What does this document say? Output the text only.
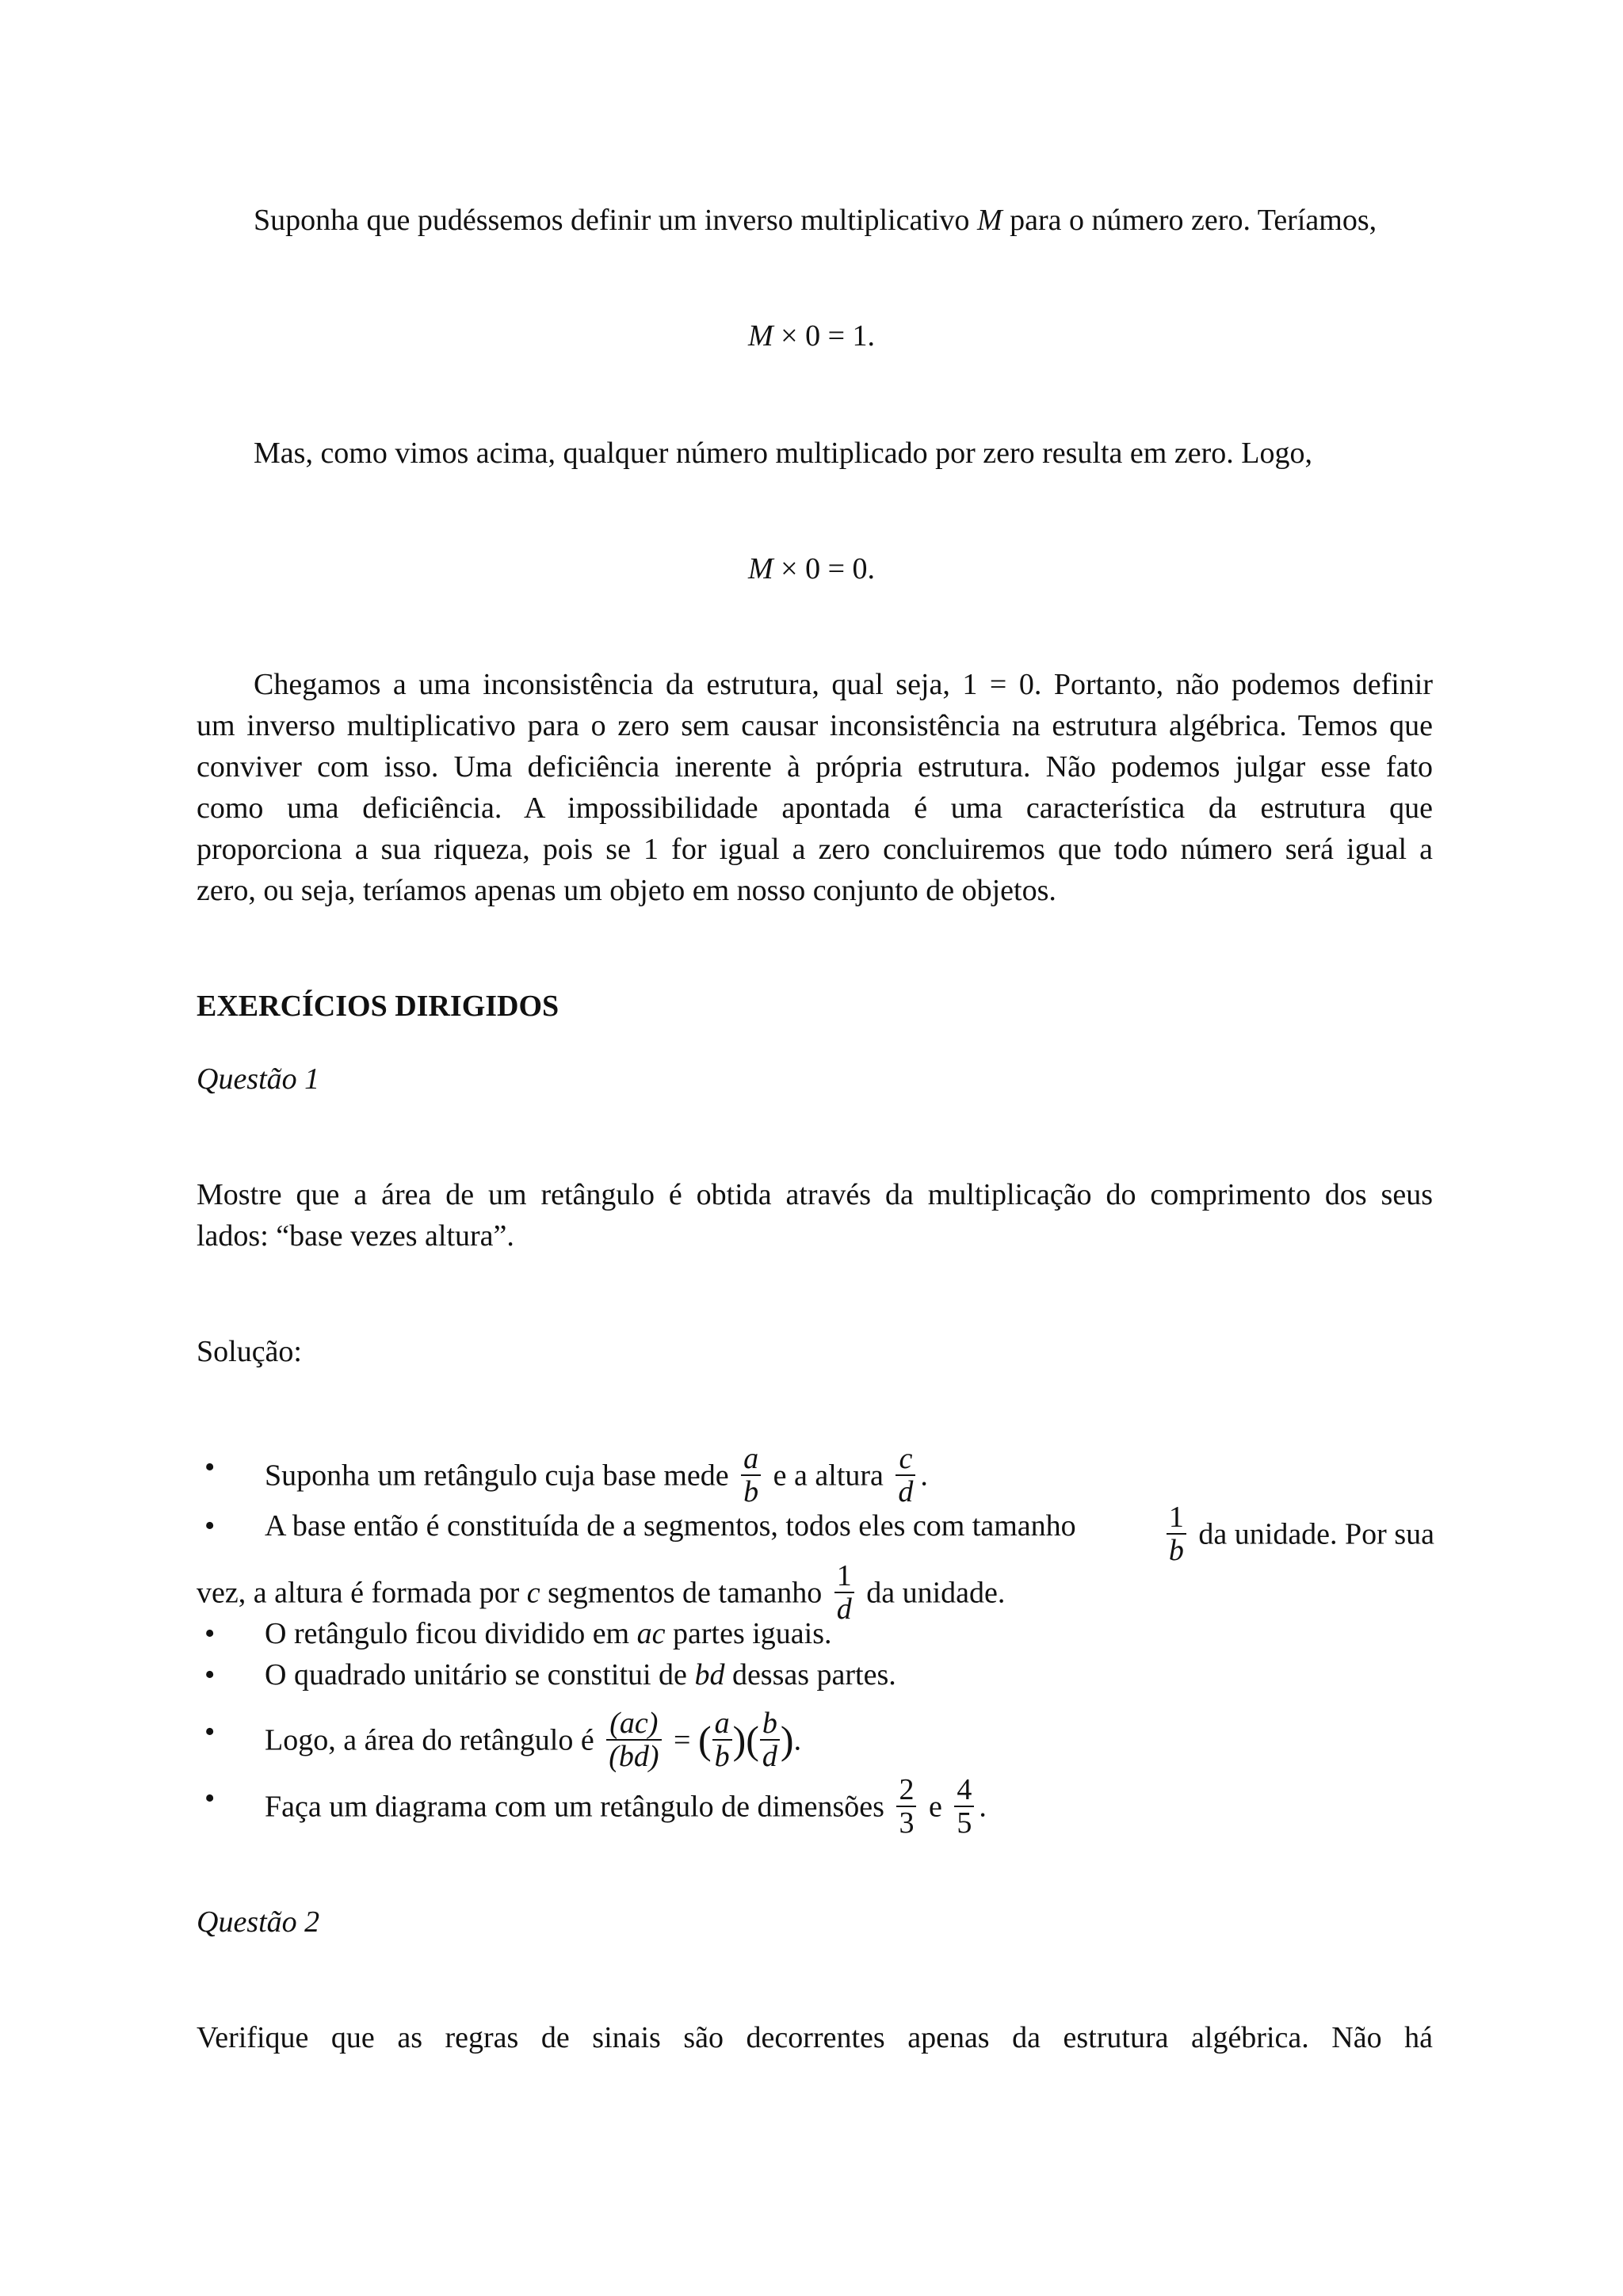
Suponha que pudéssemos definir um inverso multiplicativo M para o número zero. Teríamos,
M × 0 = 1.
Mas, como vimos acima, qualquer número multiplicado por zero resulta em zero. Logo,
M × 0 = 0.
Chegamos a uma inconsistência da estrutura, qual seja, 1 = 0. Portanto, não podemos definir
um inverso multiplicativo para o zero sem causar inconsistência na estrutura algébrica. Temos que
conviver com isso. Uma deficiência inerente à própria estrutura. Não podemos julgar esse fato
como uma deficiência. A impossibilidade apontada é uma característica da estrutura que
proporciona a sua riqueza, pois se 1 for igual a zero concluiremos que todo número será igual a
zero, ou seja, teríamos apenas um objeto em nosso conjunto de objetos.
EXERCÍCIOS DIRIGIDOS
Questão 1
Mostre que a área de um retângulo é obtida através da multiplicação do comprimento dos seus
lados: “base vezes altura”.
Solução:
• Suponha um retângulo cuja base mede $\frac{a}{b}$ e a altura $\frac{c}{d}$ .
• A base então é constituída de a segmentos, todos eles com tamanho	$\frac{1}{b}$ da unidade. Por sua
vez, a altura é formada por c segmentos de tamanho $\frac{1}{d}$ da unidade.
• O retângulo ficou dividido em ac partes iguais.
• O quadrado unitário se constitui de bd dessas partes.
• Logo, a área do retângulo é $\frac{(ac)}{(bd)}$ = ( $\frac{a}{b}$ )( $\frac{b}{d}$ ).
• Faça um diagrama com um retângulo de dimensões $\frac{2}{3}$ e $\frac{4}{5}$ .
Questão 2
Verifique que as regras de sinais são decorrentes apenas da estrutura algébrica. Não há
